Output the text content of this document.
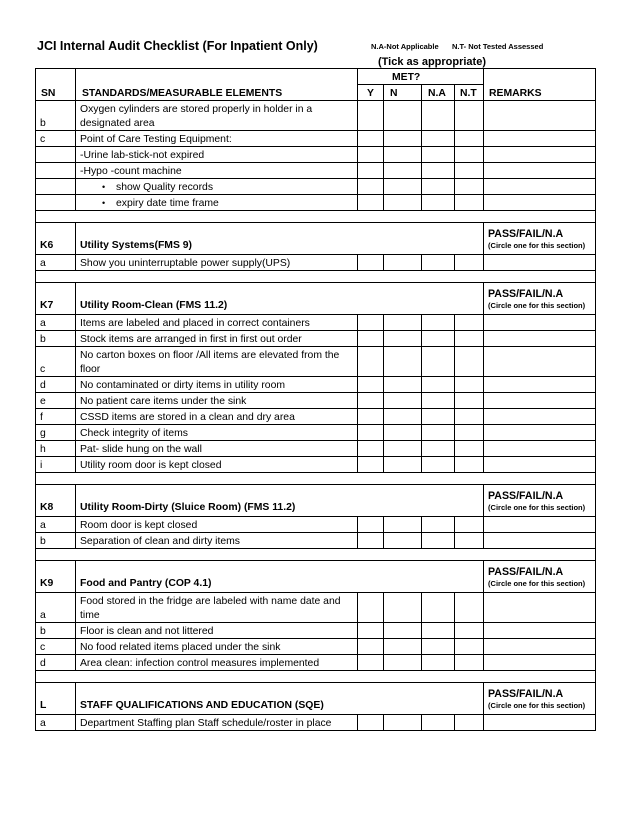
JCI Internal Audit Checklist (For Inpatient Only)	N.A-Not Applicable N.T- Not Tested Assessed
(Tick as appropriate)
SN	STANDARDS/MEASURABLE ELEMENTS	MET?				REMARKS
		Y	N	N.A	N.T	
b	Oxygen cylinders are stored properly in holder in a designated area					
c	Point of Care Testing Equipment:					
	-Urine lab-stick-not expired					
	-Hypo -count machine					
	• show Quality records					
	• expiry date time frame					

K6	Utility Systems(FMS 9)					PASS/FAIL/N.A
(Circle one for this section)

a	Show you uninterruptable power supply(UPS)					

K7	Utility Room-Clean (FMS 11.2)					PASS/FAIL/N.A
(Circle one for this section)

a	Items are labeled and placed in correct containers					
b	Stock items are arranged in first in first out order					
c	No carton boxes on floor /All items are elevated from the floor					
d	No contaminated or dirty items in utility room					
e	No patient care items under the sink					
f	CSSD items are stored in a clean and dry area					
g	Check integrity of items					
h	Pat- slide hung on the wall					
i	Utility room door is kept closed					

K8	Utility Room-Dirty (Sluice Room) (FMS 11.2)					PASS/FAIL/N.A
(Circle one for this section)

a	Room door is kept closed					
b	Separation of clean and dirty items					

K9	Food and Pantry (COP 4.1)					PASS/FAIL/N.A
(Circle one for this section)

a	Food stored in the fridge are labeled with name date and time					
b	Floor is clean and not littered					
c	No food related items placed under the sink					
d	Area clean: infection control measures implemented					

L	STAFF QUALIFICATIONS AND EDUCATION (SQE)					PASS/FAIL/N.A
(Circle one for this section)

a	Department Staffing plan Staff schedule/roster in place					
